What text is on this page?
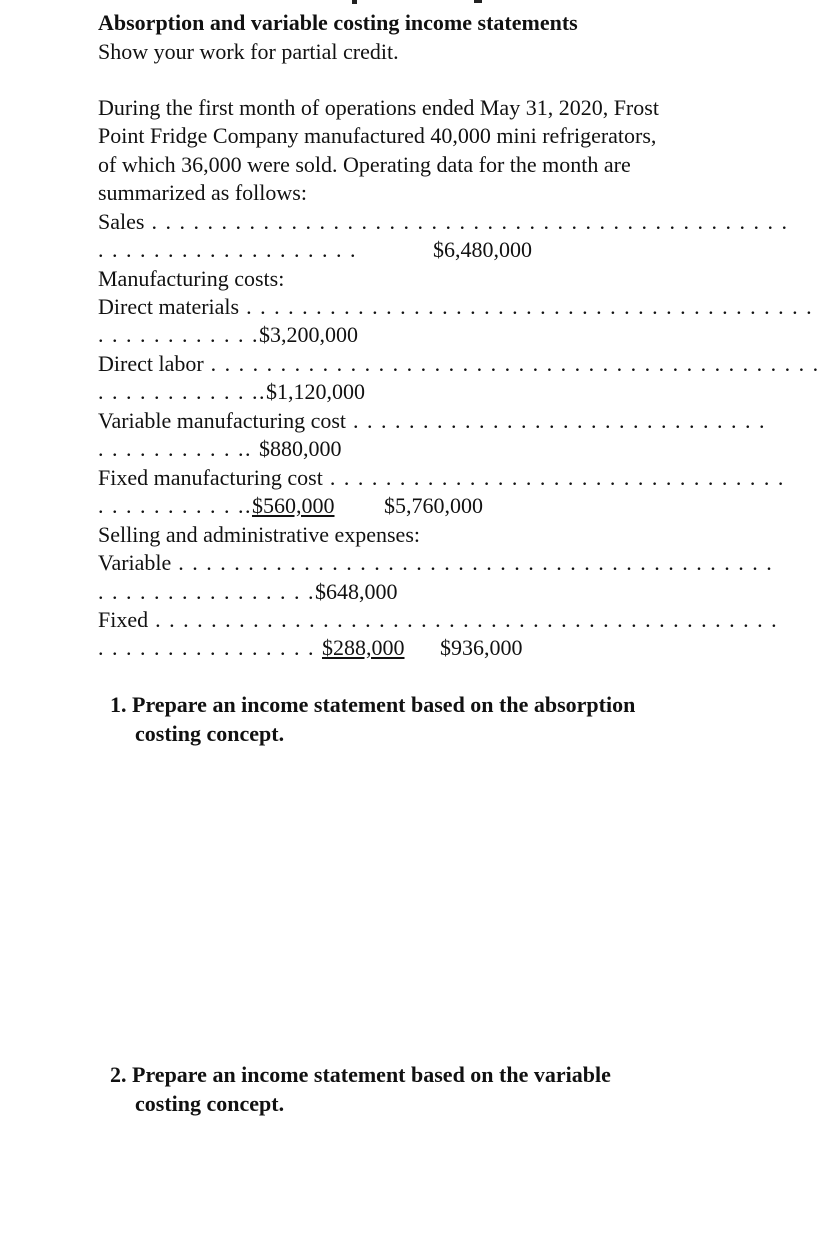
Absorption and variable costing income statements
Show your work for partial credit.
During the first month of operations ended May 31, 2020, Frost
Point Fridge Company manufactured 40,000 mini refrigerators,
of which 36,000 were sold. Operating data for the month are
summarized as follows:
Sales . . . . . . . . . . . . . . . . . . . . . . . . . . . . . . . . . . . . . . . . . . . . . .
. . . . . . . . . . . . . . . . . . .	$6,480,000
Manufacturing costs:
Direct materials . . . . . . . . . . . . . . . . . . . . . . . . . . . . . . . . . . . . . . . . .
. . . . . . . . . . . .$3,200,000
Direct labor . . . . . . . . . . . . . . . . . . . . . . . . . . . . . . . . . . . . . . . . . . . .
. . . . . . . . . . . ..$1,120,000
Variable manufacturing cost . . . . . . . . . . . . . . . . . . . . . . . . . . . . . .
. . . . . . . . . . .. $880,000
Fixed manufacturing cost . . . . . . . . . . . . . . . . . . . . . . . . . . . . . . . . .
. . . . . . . . . . ..$560,000 $5,760,000
Selling and administrative expenses:
Variable . . . . . . . . . . . . . . . . . . . . . . . . . . . . . . . . . . . . . . . . . . .
. . . . . . . . . . . . . . . .$648,000
Fixed . . . . . . . . . . . . . . . . . . . . . . . . . . . . . . . . . . . . . . . . . . . . .
. . . . . . . . . . . . . . . . $288,000 $936,000
1. Prepare an income statement based on the absorption
costing concept.
2. Prepare an income statement based on the variable
costing concept.
